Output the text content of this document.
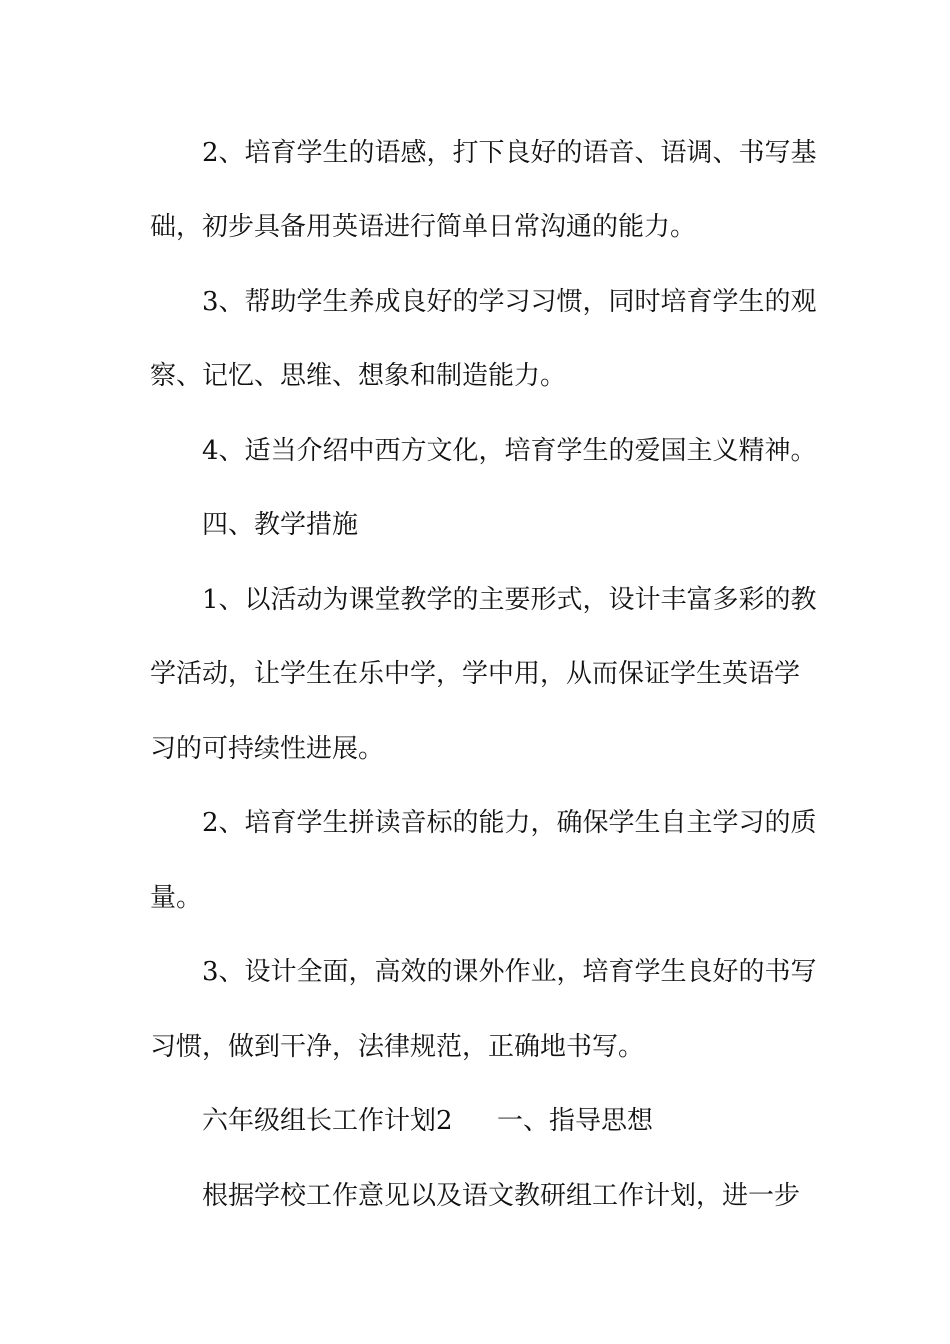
2、培育学生的语感，打下良好的语音、语调、书写基
础，初步具备用英语进行简单日常沟通的能力。
3、帮助学生养成良好的学习习惯，同时培育学生的观
察、记忆、思维、想象和制造能力。
4、适当介绍中西方文化，培育学生的爱国主义精神。
四、教学措施
1、以活动为课堂教学的主要形式，设计丰富多彩的教
学活动，让学生在乐中学，学中用，从而保证学生英语学
习的可持续性进展。
2、培育学生拼读音标的能力，确保学生自主学习的质
量。
3、设计全面，高效的课外作业，培育学生良好的书写
习惯，做到干净，法律规范，正确地书写。
六年级组长工作计划2 一、指导思想
根据学校工作意见以及语文教研组工作计划，进一步
